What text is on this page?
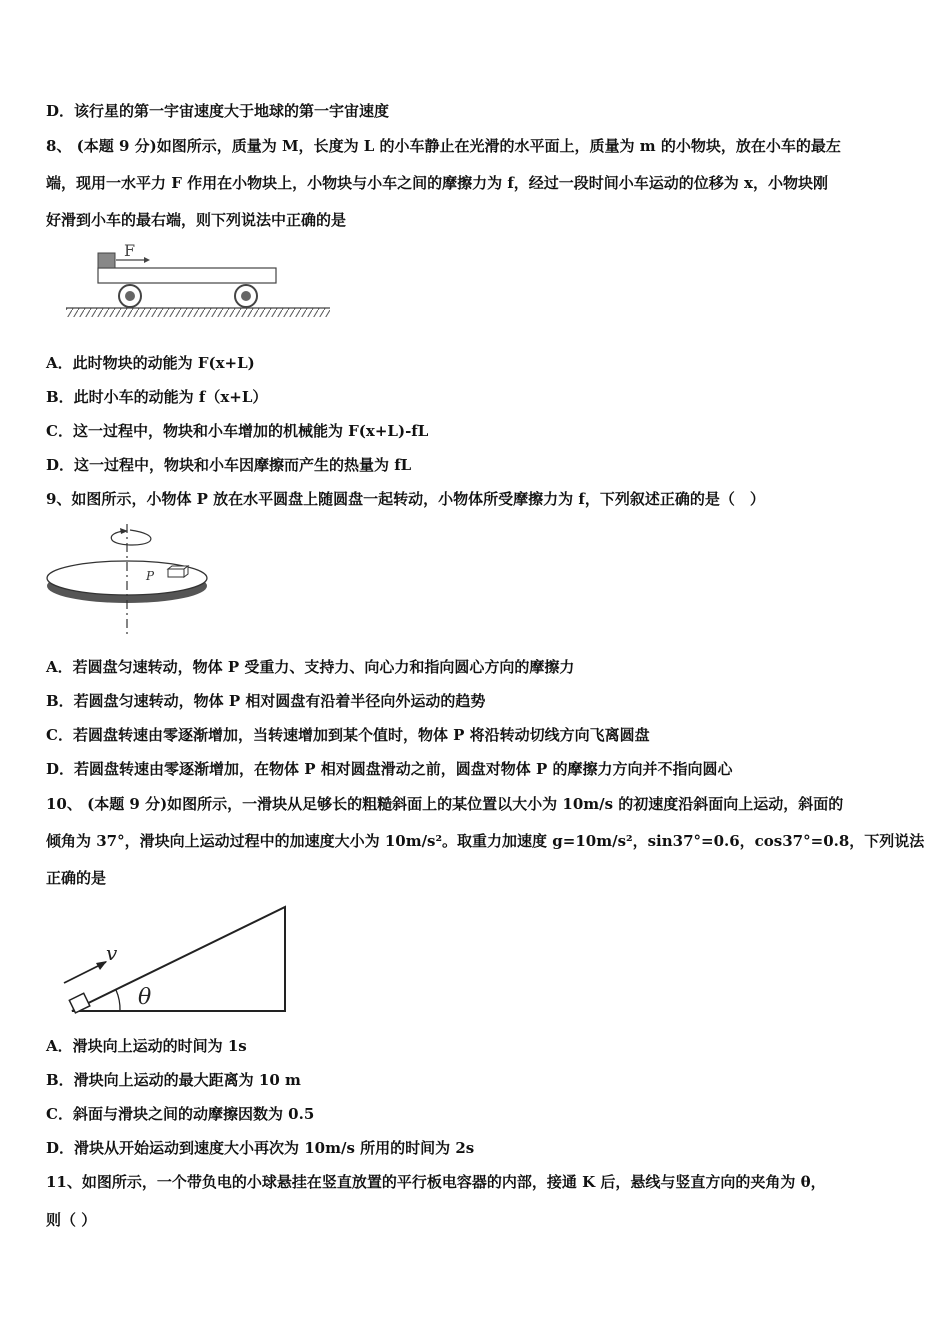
D．该行星的第一宇宙速度大于地球的第一宇宙速度
8、 (本题 9 分)如图所示，质量为 M，长度为 L 的小车静止在光滑的水平面上，质量为 m 的小物块，放在小车的最左
端，现用一水平力 F 作用在小物块上，小物块与小车之间的摩擦力为 f，经过一段时间小车运动的位移为 x，小物块刚
好滑到小车的最右端，则下列说法中正确的是
F
A．此时物块的动能为 F(x+L)
B．此时小车的动能为 f（x+L）
C．这一过程中，物块和小车增加的机械能为 F(x+L)-fL
D．这一过程中，物块和小车因摩擦而产生的热量为 fL
9、如图所示，小物体 P 放在水平圆盘上随圆盘一起转动，小物体所受摩擦力为 f，下列叙述正确的是（　）
P
A．若圆盘匀速转动，物体 P 受重力、支持力、向心力和指向圆心方向的摩擦力
B．若圆盘匀速转动，物体 P 相对圆盘有沿着半径向外运动的趋势
C．若圆盘转速由零逐渐增加，当转速增加到某个值时，物体 P 将沿转动切线方向飞离圆盘
D．若圆盘转速由零逐渐增加，在物体 P 相对圆盘滑动之前，圆盘对物体 P 的摩擦力方向并不指向圆心
10、 (本题 9 分)如图所示，一滑块从足够长的粗糙斜面上的某位置以大小为 10m/s 的初速度沿斜面向上运动，斜面的
倾角为 37°，滑块向上运动过程中的加速度大小为 10m/s²。取重力加速度 g=10m/s²，sin37°=0.6，cos37°=0.8，下列说法
正确的是
v
θ
A．滑块向上运动的时间为 1s
B．滑块向上运动的最大距离为 10 m
C．斜面与滑块之间的动摩擦因数为 0.5
D．滑块从开始运动到速度大小再次为 10m/s 所用的时间为 2s
11、如图所示，一个带负电的小球悬挂在竖直放置的平行板电容器的内部，接通 K 后，悬线与竖直方向的夹角为 θ，
则（ ）
